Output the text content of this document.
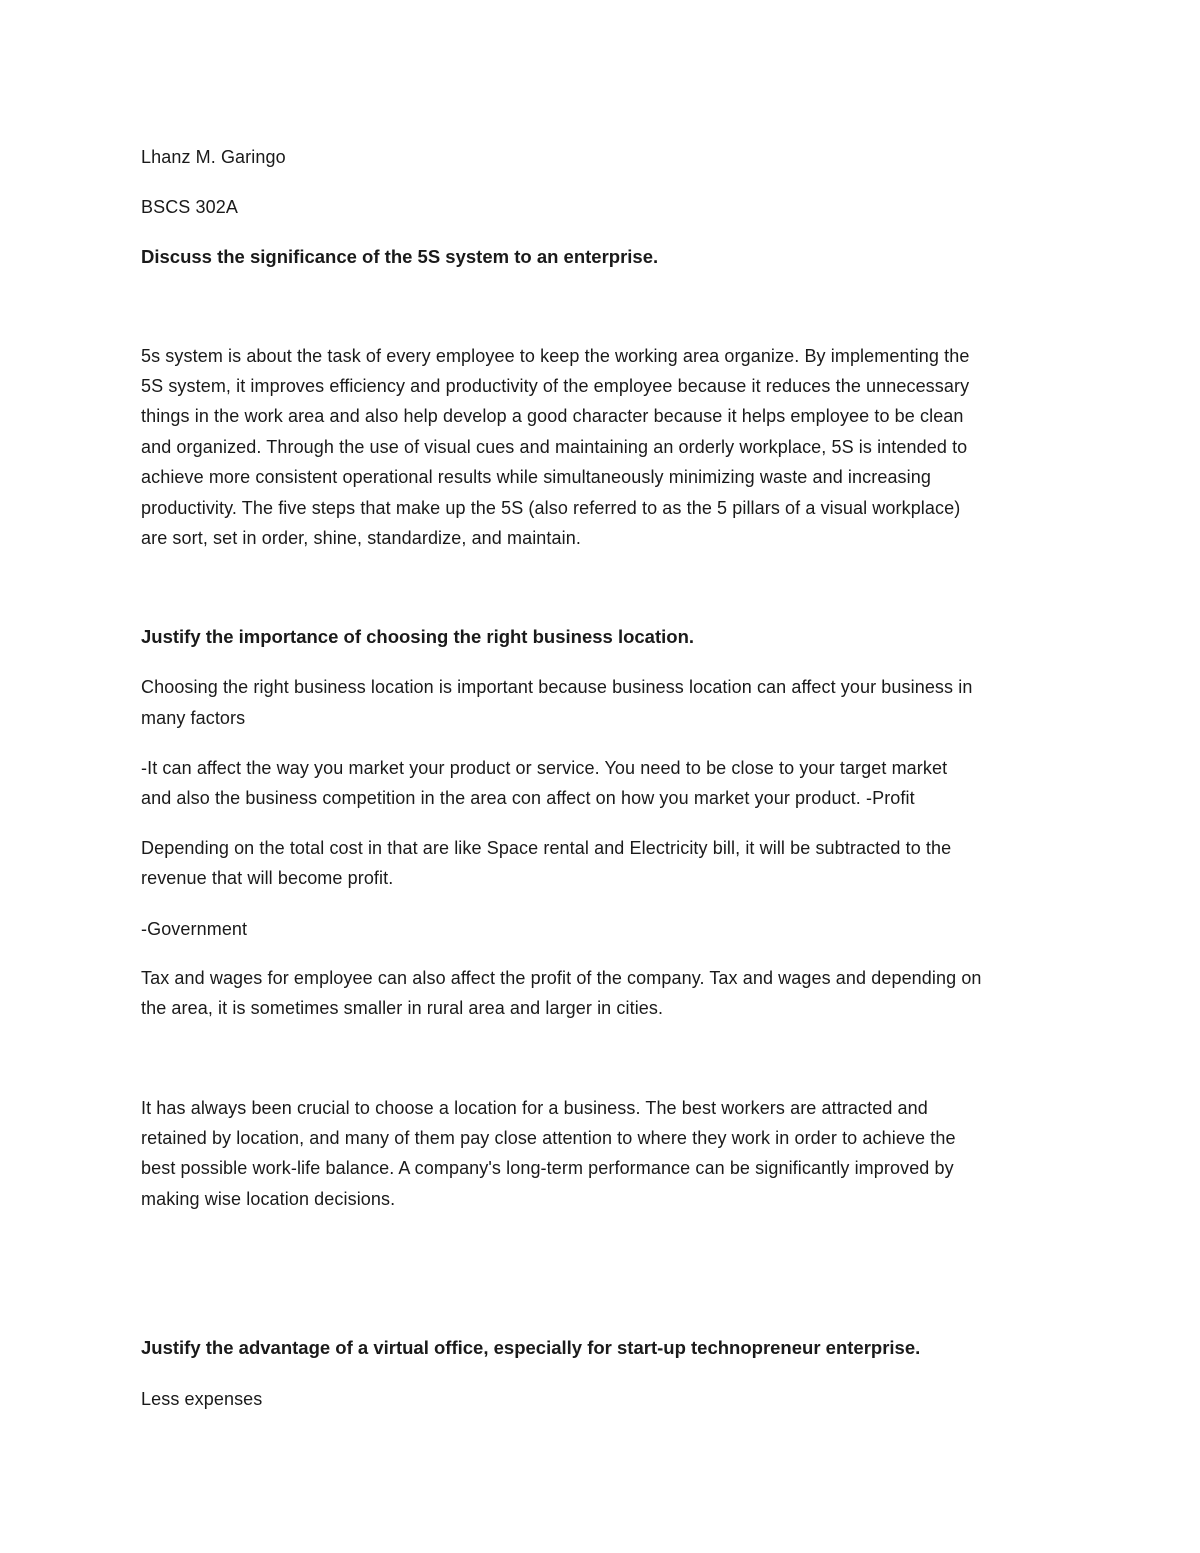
Lhanz M. Garingo
BSCS 302A
Discuss the significance of the 5S system to an enterprise.
5s system is about the task of every employee to keep the working area organize. By implementing the
5S system, it improves efficiency and productivity of the employee because it reduces the unnecessary
things in the work area and also help develop a good character because it helps employee to be clean
and organized. Through the use of visual cues and maintaining an orderly workplace, 5S is intended to
achieve more consistent operational results while simultaneously minimizing waste and increasing
productivity. The five steps that make up the 5S (also referred to as the 5 pillars of a visual workplace)
are sort, set in order, shine, standardize, and maintain.
Justify the importance of choosing the right business location.
Choosing the right business location is important because business location can affect your business in
many factors
-It can affect the way you market your product or service. You need to be close to your target market
and also the business competition in the area con affect on how you market your product. -Profit
Depending on the total cost in that are like Space rental and Electricity bill, it will be subtracted to the
revenue that will become profit.
-Government
Tax and wages for employee can also affect the profit of the company. Tax and wages and depending on
the area, it is sometimes smaller in rural area and larger in cities.
It has always been crucial to choose a location for a business. The best workers are attracted and
retained by location, and many of them pay close attention to where they work in order to achieve the
best possible work-life balance. A company's long-term performance can be significantly improved by
making wise location decisions.
Justify the advantage of a virtual office, especially for start-up technopreneur enterprise.
Less expenses
